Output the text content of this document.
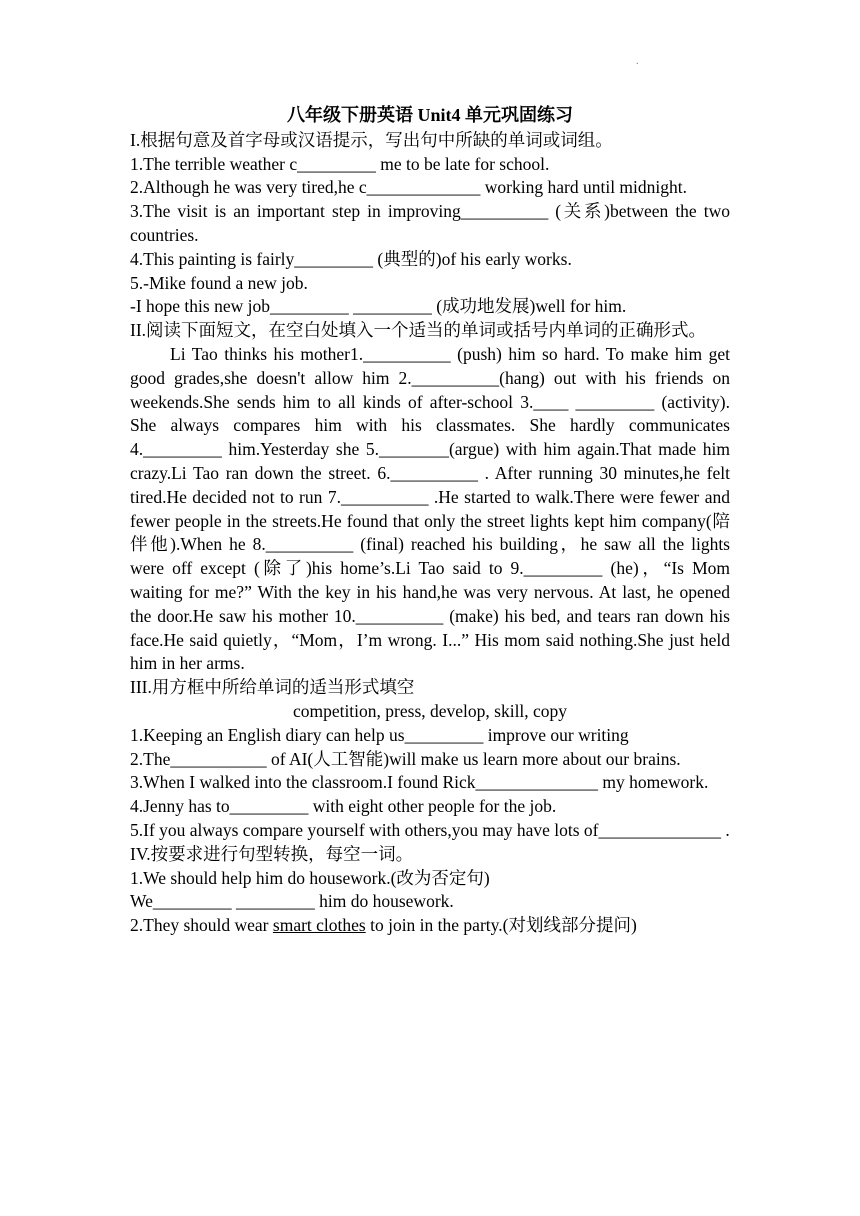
.
八年级下册英语 Unit4 单元巩固练习

I.根据句意及首字母或汉语提示，写出句中所缺的单词或词组。

1.The terrible weather c_________ me to be late for school.

2.Although he was very tired,he c_____________ working hard until midnight.

3.The visit is an important step in improving__________ (关系)between the two countries.

4.This painting is fairly_________ (典型的)of his early works.

5.-Mike found a new job.

-I hope this new job_________ _________ (成功地发展)well for him.

II.阅读下面短文，在空白处填入一个适当的单词或括号内单词的正确形式。

Li Tao thinks his mother1.__________ (push) him so hard. To make him get good grades,she doesn't allow him 2.__________(hang) out with his friends on weekends.She sends him to all kinds of after-school 3.____ _________ (activity). She always compares him with his classmates. She hardly communicates 4._________ him.Yesterday she 5.________(argue) with him again.That made him crazy.Li Tao ran down the street. 6.__________ . After running 30 minutes,he felt tired.He decided not to run 7.__________ .He started to walk.There were fewer and fewer people in the streets.He found that only the street lights kept him company(陪伴他).When he 8.__________ (final) reached his building，he saw all the lights were off except (除了)his home’s.Li Tao said to 9._________ (he)，“Is Mom waiting for me?” With the key in his hand,he was very nervous. At last, he opened the door.He saw his mother 10.__________ (make) his bed, and tears ran down his face.He said quietly，“Mom，I’m wrong. I...” His mom said nothing.She just held him in her arms.

III.用方框中所给单词的适当形式填空

competition, press, develop, skill, copy

1.Keeping an English diary can help us_________ improve our writing

2.The___________ of AI(人工智能)will make us learn more about our brains.

3.When I walked into the classroom.I found Rick______________ my homework.

4.Jenny has to_________ with eight other people for the job.

5.If you always compare yourself with others,you may have lots of______________ .

IV.按要求进行句型转换，每空一词。

1.We should help him do housework.(改为否定句)

We_________ _________ him do housework.

2.They should wear smart clothes to join in the party.(对划线部分提问)
